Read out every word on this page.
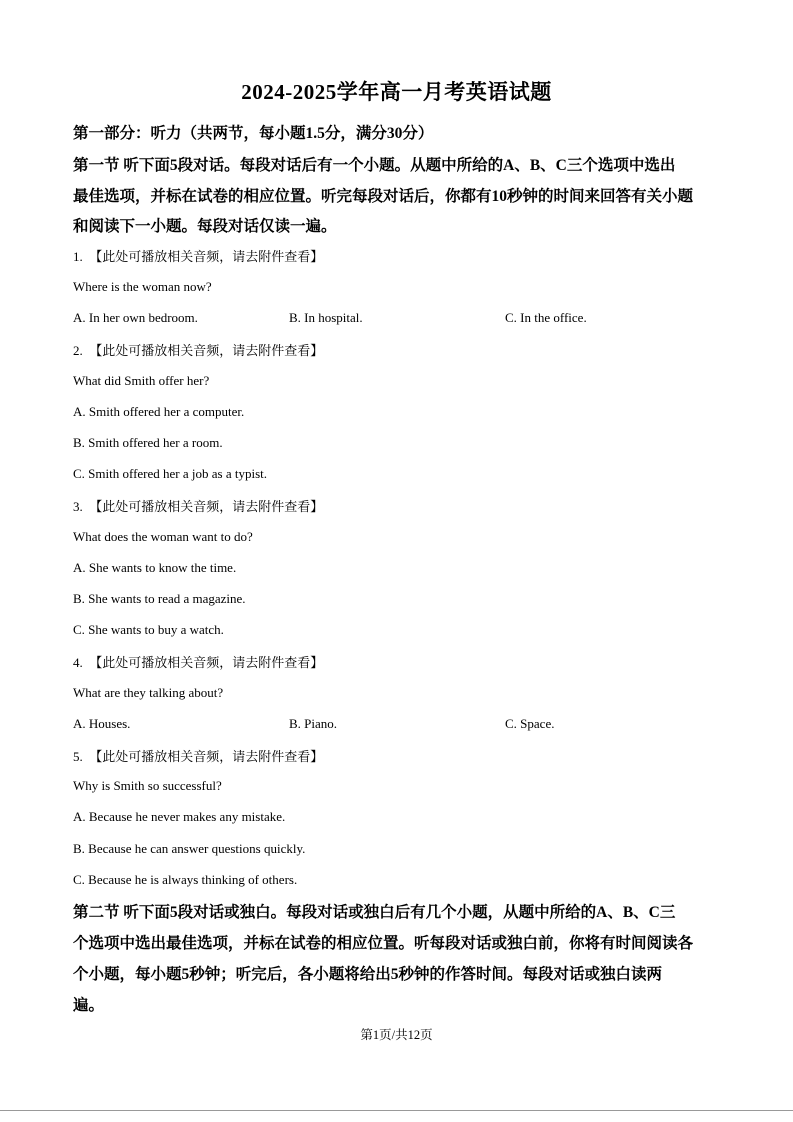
2024-2025学年高一月考英语试题
第一部分：听力（共两节，每小题1.5分，满分30分）
第一节 听下面5段对话。每段对话后有一个小题。从题中所给的A、B、C三个选项中选出
最佳选项，并标在试卷的相应位置。听完每段对话后，你都有10秒钟的时间来回答有关小题
和阅读下一小题。每段对话仅读一遍。
1. 【此处可播放相关音频，请去附件查看】
Where is the woman now?
A. In her own bedroom.	B. In hospital.	C. In the office.
2. 【此处可播放相关音频，请去附件查看】
What did Smith offer her?
A. Smith offered her a computer.
B. Smith offered her a room.
C. Smith offered her a job as a typist.
3. 【此处可播放相关音频，请去附件查看】
What does the woman want to do?
A. She wants to know the time.
B. She wants to read a magazine.
C. She wants to buy a watch.
4. 【此处可播放相关音频，请去附件查看】
What are they talking about?
A. Houses.	B. Piano.	C. Space.
5. 【此处可播放相关音频，请去附件查看】
Why is Smith so successful?
A. Because he never makes any mistake.
B. Because he can answer questions quickly.
C. Because he is always thinking of others.
第二节 听下面5段对话或独白。每段对话或独白后有几个小题，从题中所给的A、B、C三
个选项中选出最佳选项，并标在试卷的相应位置。听每段对话或独白前，你将有时间阅读各
个小题，每小题5秒钟；听完后，各小题将给出5秒钟的作答时间。每段对话或独白读两
遍。
第1页/共12页
